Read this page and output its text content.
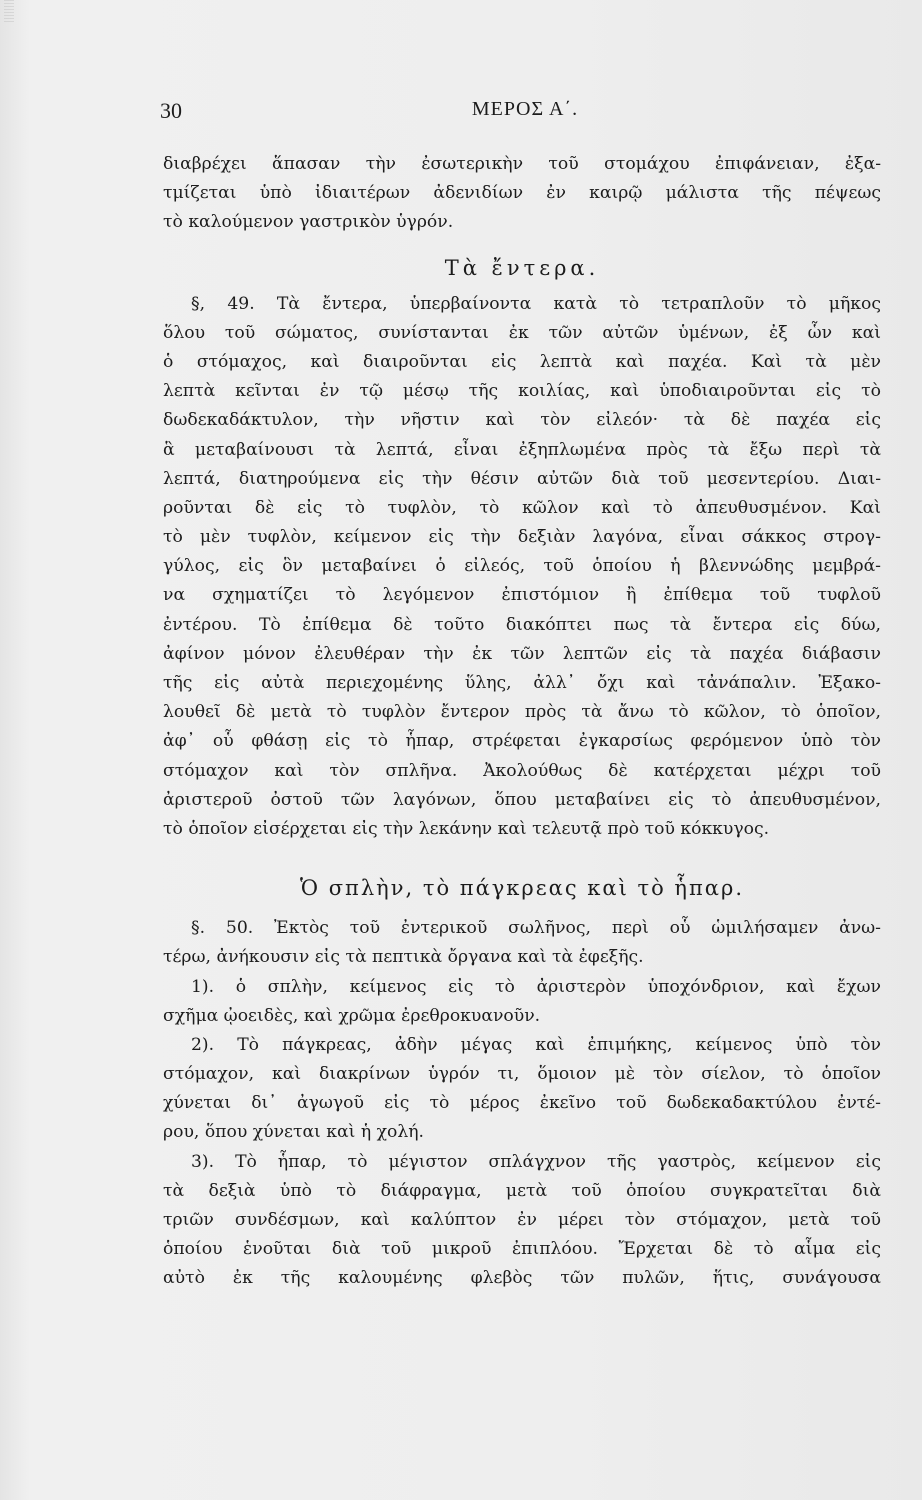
30	ΜΕΡΟΣ Α΄.
διαβρέχει ἅπασαν τὴν ἐσωτερικὴν τοῦ στομάχου ἐπιφάνειαν, ἐξα-
τμίζεται ὑπὸ ἰδιαιτέρων ἀδενιδίων ἐν καιρῷ μάλιστα τῆς πέψεως
τὸ καλούμενον γαστρικὸν ὑγρόν.
Τὰ ἔντερα.
§, 49. Τὰ ἔντερα, ὑπερβαίνοντα κατὰ τὸ τετραπλοῦν τὸ μῆκος
ὅλου τοῦ σώματος, συνίστανται ἐκ τῶν αὐτῶν ὑμένων, ἐξ ὧν καὶ
ὁ στόμαχος, καὶ διαιροῦνται εἰς λεπτὰ καὶ παχέα. Καὶ τὰ μὲν
λεπτὰ κεῖνται ἐν τῷ μέσῳ τῆς κοιλίας, καὶ ὑποδιαιροῦνται εἰς τὸ
δωδεκαδάκτυλον, τὴν νῆστιν καὶ τὸν εἰλεόν· τὰ δὲ παχέα εἰς
ἃ μεταβαίνουσι τὰ λεπτά, εἶναι ἐξηπλωμένα πρὸς τὰ ἔξω περὶ τὰ
λεπτά, διατηρούμενα εἰς τὴν θέσιν αὐτῶν διὰ τοῦ μεσεντερίου. Διαι-
ροῦνται δὲ εἰς τὸ τυφλὸν, τὸ κῶλον καὶ τὸ ἀπευθυσμένον. Καὶ
τὸ μὲν τυφλὸν, κείμενον εἰς τὴν δεξιὰν λαγόνα, εἶναι σάκκος στρογ-
γύλος, εἰς ὃν μεταβαίνει ὁ εἰλεός, τοῦ ὁποίου ἡ βλεννώδης μεμβρά-
να σχηματίζει τὸ λεγόμενον ἐπιστόμιον ἢ ἐπίθεμα τοῦ τυφλοῦ
ἐντέρου. Τὸ ἐπίθεμα δὲ τοῦτο διακόπτει πως τὰ ἔντερα εἰς δύω,
ἀφίνον μόνον ἐλευθέραν τὴν ἐκ τῶν λεπτῶν εἰς τὰ παχέα διάβασιν
τῆς εἰς αὐτὰ περιεχομένης ὕλης, ἀλλ᾽ ὄχι καὶ τἀνάπαλιν. Ἐξακο-
λουθεῖ δὲ μετὰ τὸ τυφλὸν ἔντερον πρὸς τὰ ἄνω τὸ κῶλον, τὸ ὁποῖον,
ἀφ᾽ οὗ φθάσῃ εἰς τὸ ἧπαρ, στρέφεται ἐγκαρσίως φερόμενον ὑπὸ τὸν
στόμαχον καὶ τὸν σπλῆνα. Ἀκολούθως δὲ κατέρχεται μέχρι τοῦ
ἀριστεροῦ ὀστοῦ τῶν λαγόνων, ὅπου μεταβαίνει εἰς τὸ ἀπευθυσμένον,
τὸ ὁποῖον εἰσέρχεται εἰς τὴν λεκάνην καὶ τελευτᾷ πρὸ τοῦ κόκκυγος.
Ὁ σπλὴν, τὸ πάγκρεας καὶ τὸ ἧπαρ.
§. 50. Ἐκτὸς τοῦ ἐντερικοῦ σωλῆνος, περὶ οὗ ὡμιλήσαμεν ἀνω-
τέρω, ἀνήκουσιν εἰς τὰ πεπτικὰ ὄργανα καὶ τὰ ἐφεξῆς.
1). ὁ σπλὴν, κείμενος εἰς τὸ ἀριστερὸν ὑποχόνδριον, καὶ ἔχων
σχῆμα ᾠοειδὲς, καὶ χρῶμα ἐρεθροκυανοῦν.
2). Τὸ πάγκρεας, ἀδὴν μέγας καὶ ἐπιμήκης, κείμενος ὑπὸ τὸν
στόμαχον, καὶ διακρίνων ὑγρόν τι, ὅμοιον μὲ τὸν σίελον, τὸ ὁποῖον
χύνεται δι᾽ ἀγωγοῦ εἰς τὸ μέρος ἐκεῖνο τοῦ δωδεκαδακτύλου ἐντέ-
ρου, ὅπου χύνεται καὶ ἡ χολή.
3). Τὸ ἧπαρ, τὸ μέγιστον σπλάγχνον τῆς γαστρὸς, κείμενον εἰς
τὰ δεξιὰ ὑπὸ τὸ διάφραγμα, μετὰ τοῦ ὁποίου συγκρατεῖται διὰ
τριῶν συνδέσμων, καὶ καλύπτον ἐν μέρει τὸν στόμαχον, μετὰ τοῦ
ὁποίου ἑνοῦται διὰ τοῦ μικροῦ ἐπιπλόου. Ἔρχεται δὲ τὸ αἷμα εἰς
αὐτὸ ἐκ τῆς καλουμένης φλεβὸς τῶν πυλῶν, ἥτις, συνάγουσα
